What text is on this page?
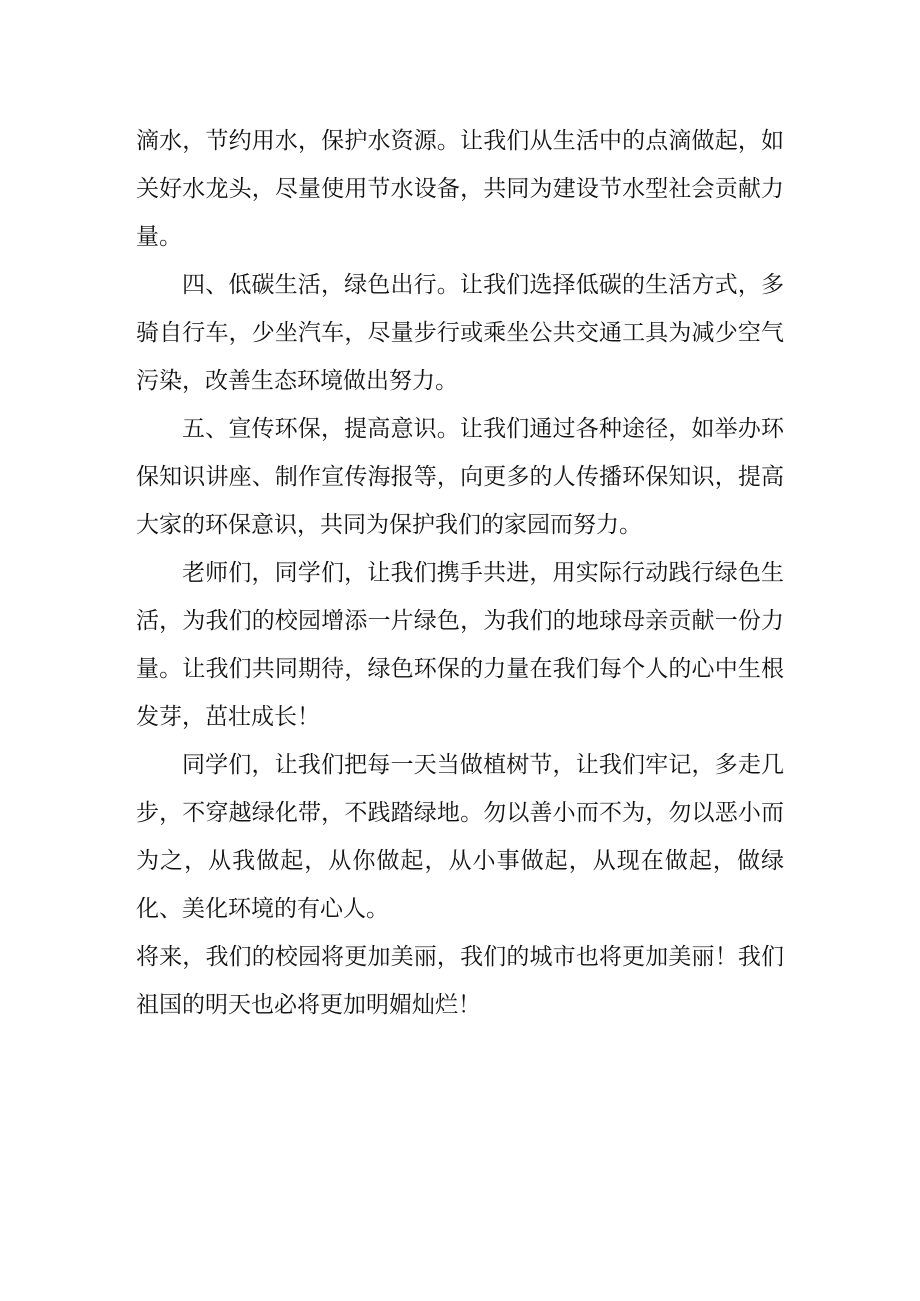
滴水，节约用水，保护水资源。让我们从生活中的点滴做起，如关好水龙头，尽量使用节水设备，共同为建设节水型社会贡献力量。

四、低碳生活，绿色出行。让我们选择低碳的生活方式，多骑自行车，少坐汽车，尽量步行或乘坐公共交通工具为减少空气污染，改善生态环境做出努力。

五、宣传环保，提高意识。让我们通过各种途径，如举办环保知识讲座、制作宣传海报等，向更多的人传播环保知识，提高大家的环保意识，共同为保护我们的家园而努力。

老师们，同学们，让我们携手共进，用实际行动践行绿色生活，为我们的校园增添一片绿色，为我们的地球母亲贡献一份力量。让我们共同期待，绿色环保的力量在我们每个人的心中生根发芽，茁壮成长！

同学们，让我们把每一天当做植树节，让我们牢记，多走几步，不穿越绿化带，不践踏绿地。勿以善小而不为，勿以恶小而为之，从我做起，从你做起，从小事做起，从现在做起，做绿化、美化环境的有心人。

将来，我们的校园将更加美丽，我们的城市也将更加美丽！我们祖国的明天也必将更加明媚灿烂！
